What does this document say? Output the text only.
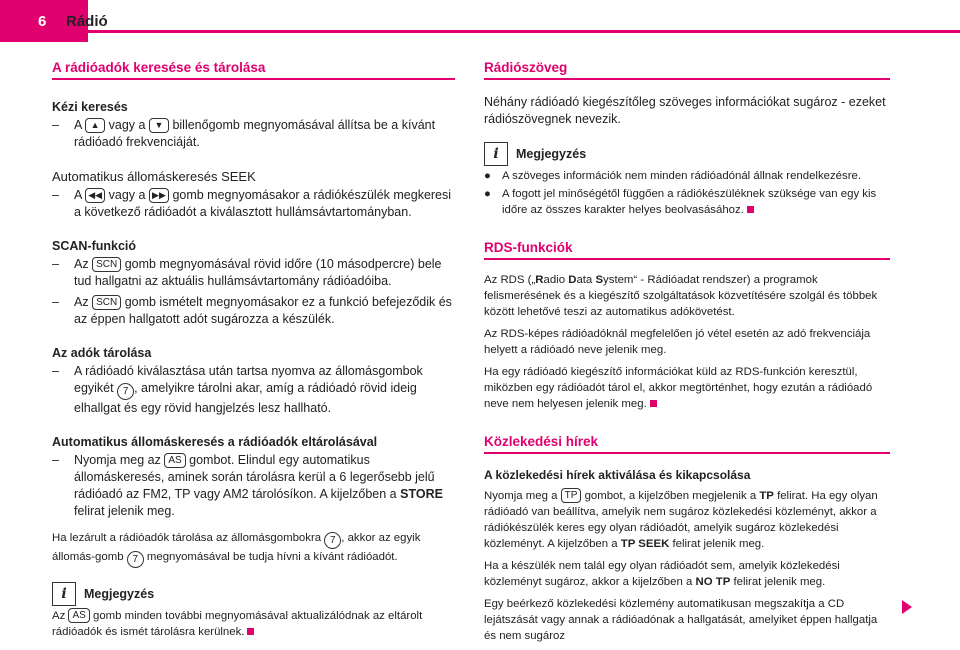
6 Rádió
A rádióadók keresése és tárolása
Kézi keresés
– A ▲ vagy a ▼ billenőgomb megnyomásával állítsa be a kívánt rádióadó frekvenciáját.
Automatikus állomáskeresés SEEK
– A ◀◀ vagy a ▶▶ gomb megnyomásakor a rádiókészülék megkeresi a következő rádióadót a kiválasztott hullámsávtartományban.
SCAN-funkció
– Az SCN gomb megnyomásával rövid időre (10 másodpercre) bele tud hallgatni az aktuális hullámsávtartomány rádióadóiba.
– Az SCN gomb ismételt megnyomásakor ez a funkció befejeződik és az éppen hallgatott adót sugározza a készülék.
Az adók tárolása
– A rádióadó kiválasztása után tartsa nyomva az állomásgombok egyikét 7 , amelyikre tárolni akar, amíg a rádióadó rövid ideig elhallgat és egy rövid hangjelzés lesz hallható.
Automatikus állomáskeresés a rádióadók eltárolásával
– Nyomja meg az AS gombot. Elindul egy automatikus állomáskeresés, aminek során tárolásra kerül a 6 legerősebb jelű rádióadó az FM2, TP vagy AM2 tárolósíkon. A kijelzőben a STORE felirat jelenik meg.
Ha lezárult a rádióadók tárolása az állomásgombokra 7 , akkor az egyik állomás-gomb 7 megnyomásával be tudja hívni a kívánt rádióadót.
i	Megjegyzés
Az AS gomb minden további megnyomásával aktualizálódnak az eltárolt rádióadók és ismét tárolásra kerülnek.
Rádiószöveg
Néhány rádióadó kiegészítőleg szöveges információkat sugároz - ezeket rádiószövegnek nevezik.
i	Megjegyzés
● A szöveges információk nem minden rádióadónál állnak rendelkezésre.
● A fogott jel minőségétől függően a rádiókészüléknek szüksége van egy kis időre az összes karakter helyes beolvasásához.
RDS-funkciók
Az RDS („Radio Data System“ - Rádióadat rendszer) a programok felismerésének és a kiegészítő szolgáltatások közvetítésére szolgál és többek között lehetővé teszi az automatikus adókövetést.
Az RDS-képes rádióadóknál megfelelően jó vétel esetén az adó frekvenciája helyett a rádióadó neve jelenik meg.
Ha egy rádióadó kiegészítő információkat küld az RDS-funkción keresztül, miközben egy rádióadót tárol el, akkor megtörténhet, hogy ezután a rádióadó neve nem helyesen jelenik meg.
Közlekedési hírek
A közlekedési hírek aktiválása és kikapcsolása
Nyomja meg a TP gombot, a kijelzőben megjelenik a TP felirat. Ha egy olyan rádióadó van beállítva, amelyik nem sugároz közlekedési közleményt, akkor a rádiókészülék keres egy olyan rádióadót, amelyik sugároz közlekedési közleményt. A kijelzőben a TP SEEK felirat jelenik meg.
Ha a készülék nem talál egy olyan rádióadót sem, amelyik közlekedési közleményt sugároz, akkor a kijelzőben a NO TP felirat jelenik meg.
Egy beérkező közlekedési közlemény automatikusan megszakítja a CD lejátszását vagy annak a rádióadónak a hallgatását, amelyiket éppen hallgatja és nem sugároz
